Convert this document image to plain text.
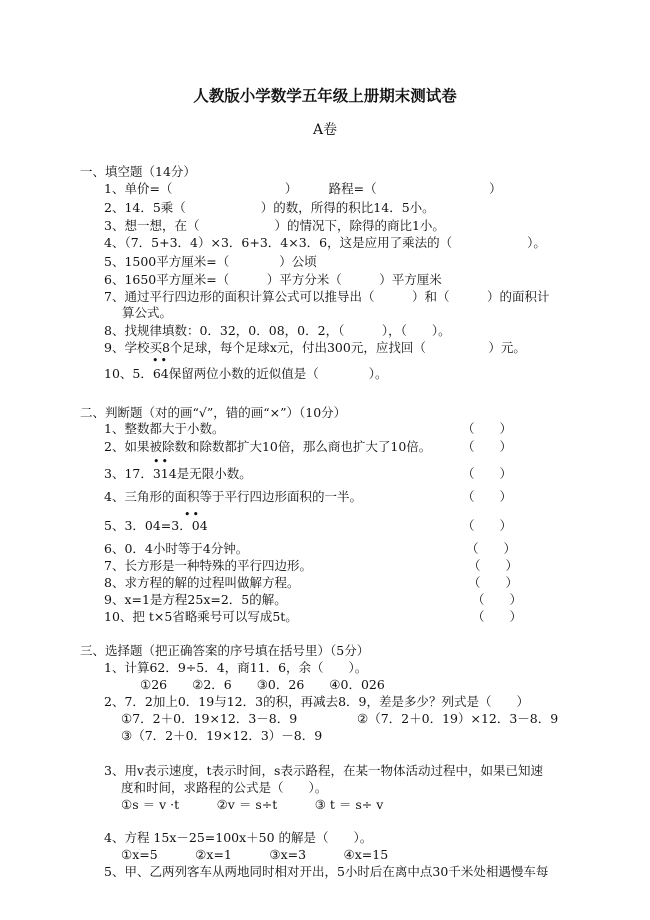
人教版小学数学五年级上册期末测试卷
A卷
一、填空题（14分）
1、单价=（　　　　　　　　　）　　　路程=（　　　　　　　　　）
2、14．5乘（　　　　　　）的数，所得的积比14．5小。
3、想一想，在（　　　　　　）的情况下，除得的商比1小。
4、（7．5+3．4）×3．6+3．4×3．6，这是应用了乘法的（　　　　　　）。
5、1500平方厘米=（　　　　）公顷
6、1650平方厘米=（　　　）平方分米（　　　）平方厘米
7、通过平行四边形的面积计算公式可以推导出（　　　）和（　　　）的面积计
算公式。
8、找规律填数：0．32，0．08，0．2，（　　　），（　　）。
9、学校买8个足球，每个足球x元，付出300元，应找回（　　　　　）元。
••
10、5．64保留两位小数的近似值是（　　　　）。
二、判断题（对的画“√”，错的画“×”）（10分）
1、整数都大于小数。	（　　）
2、如果被除数和除数都扩大10倍，那么商也扩大了10倍。 （　　）
••
3、17．314是无限小数。	（　　）
4、三角形的面积等于平行四边形面积的一半。	（　　）
••
5、3．04=3．04	（　　）
6、0．4小时等于4分钟。	（　　）
7、长方形是一种特殊的平行四边形。	（　　）
8、求方程的解的过程叫做解方程。	（　　）
9、x=1是方程25x=2．5的解。	（　　）
10、把 t×5省略乘号可以写成5t。	（　　）
三、选择题（把正确答案的序号填在括号里）（5分）
1、计算62．9÷5．4，商11．6，余（　　）。
①26　　②2．6　　③0．26　　④0．026
2、7．2加上0．19与12．3的积，再减去8．9，差是多少？列式是（　　）
①7．2＋0．19×12．3－8．9	②（7．2＋0．19）×12．3－8．9
③（7．2＋0．19×12．3）－8．9
3、用v表示速度，t表示时间，s表示路程，在某一物体活动过程中，如果已知速
度和时间，求路程的公式是（　　）。
①s ＝ v ·t　　　②v ＝ s÷t　　　③ t ＝ s÷ v
4、方程 15x－25=100x＋50 的解是（　　）。
①x=5　　　②x=1　　　③x=3　　　④x=15
5、甲、乙两列客车从两地同时相对开出，5小时后在离中点30千米处相遇慢车每
